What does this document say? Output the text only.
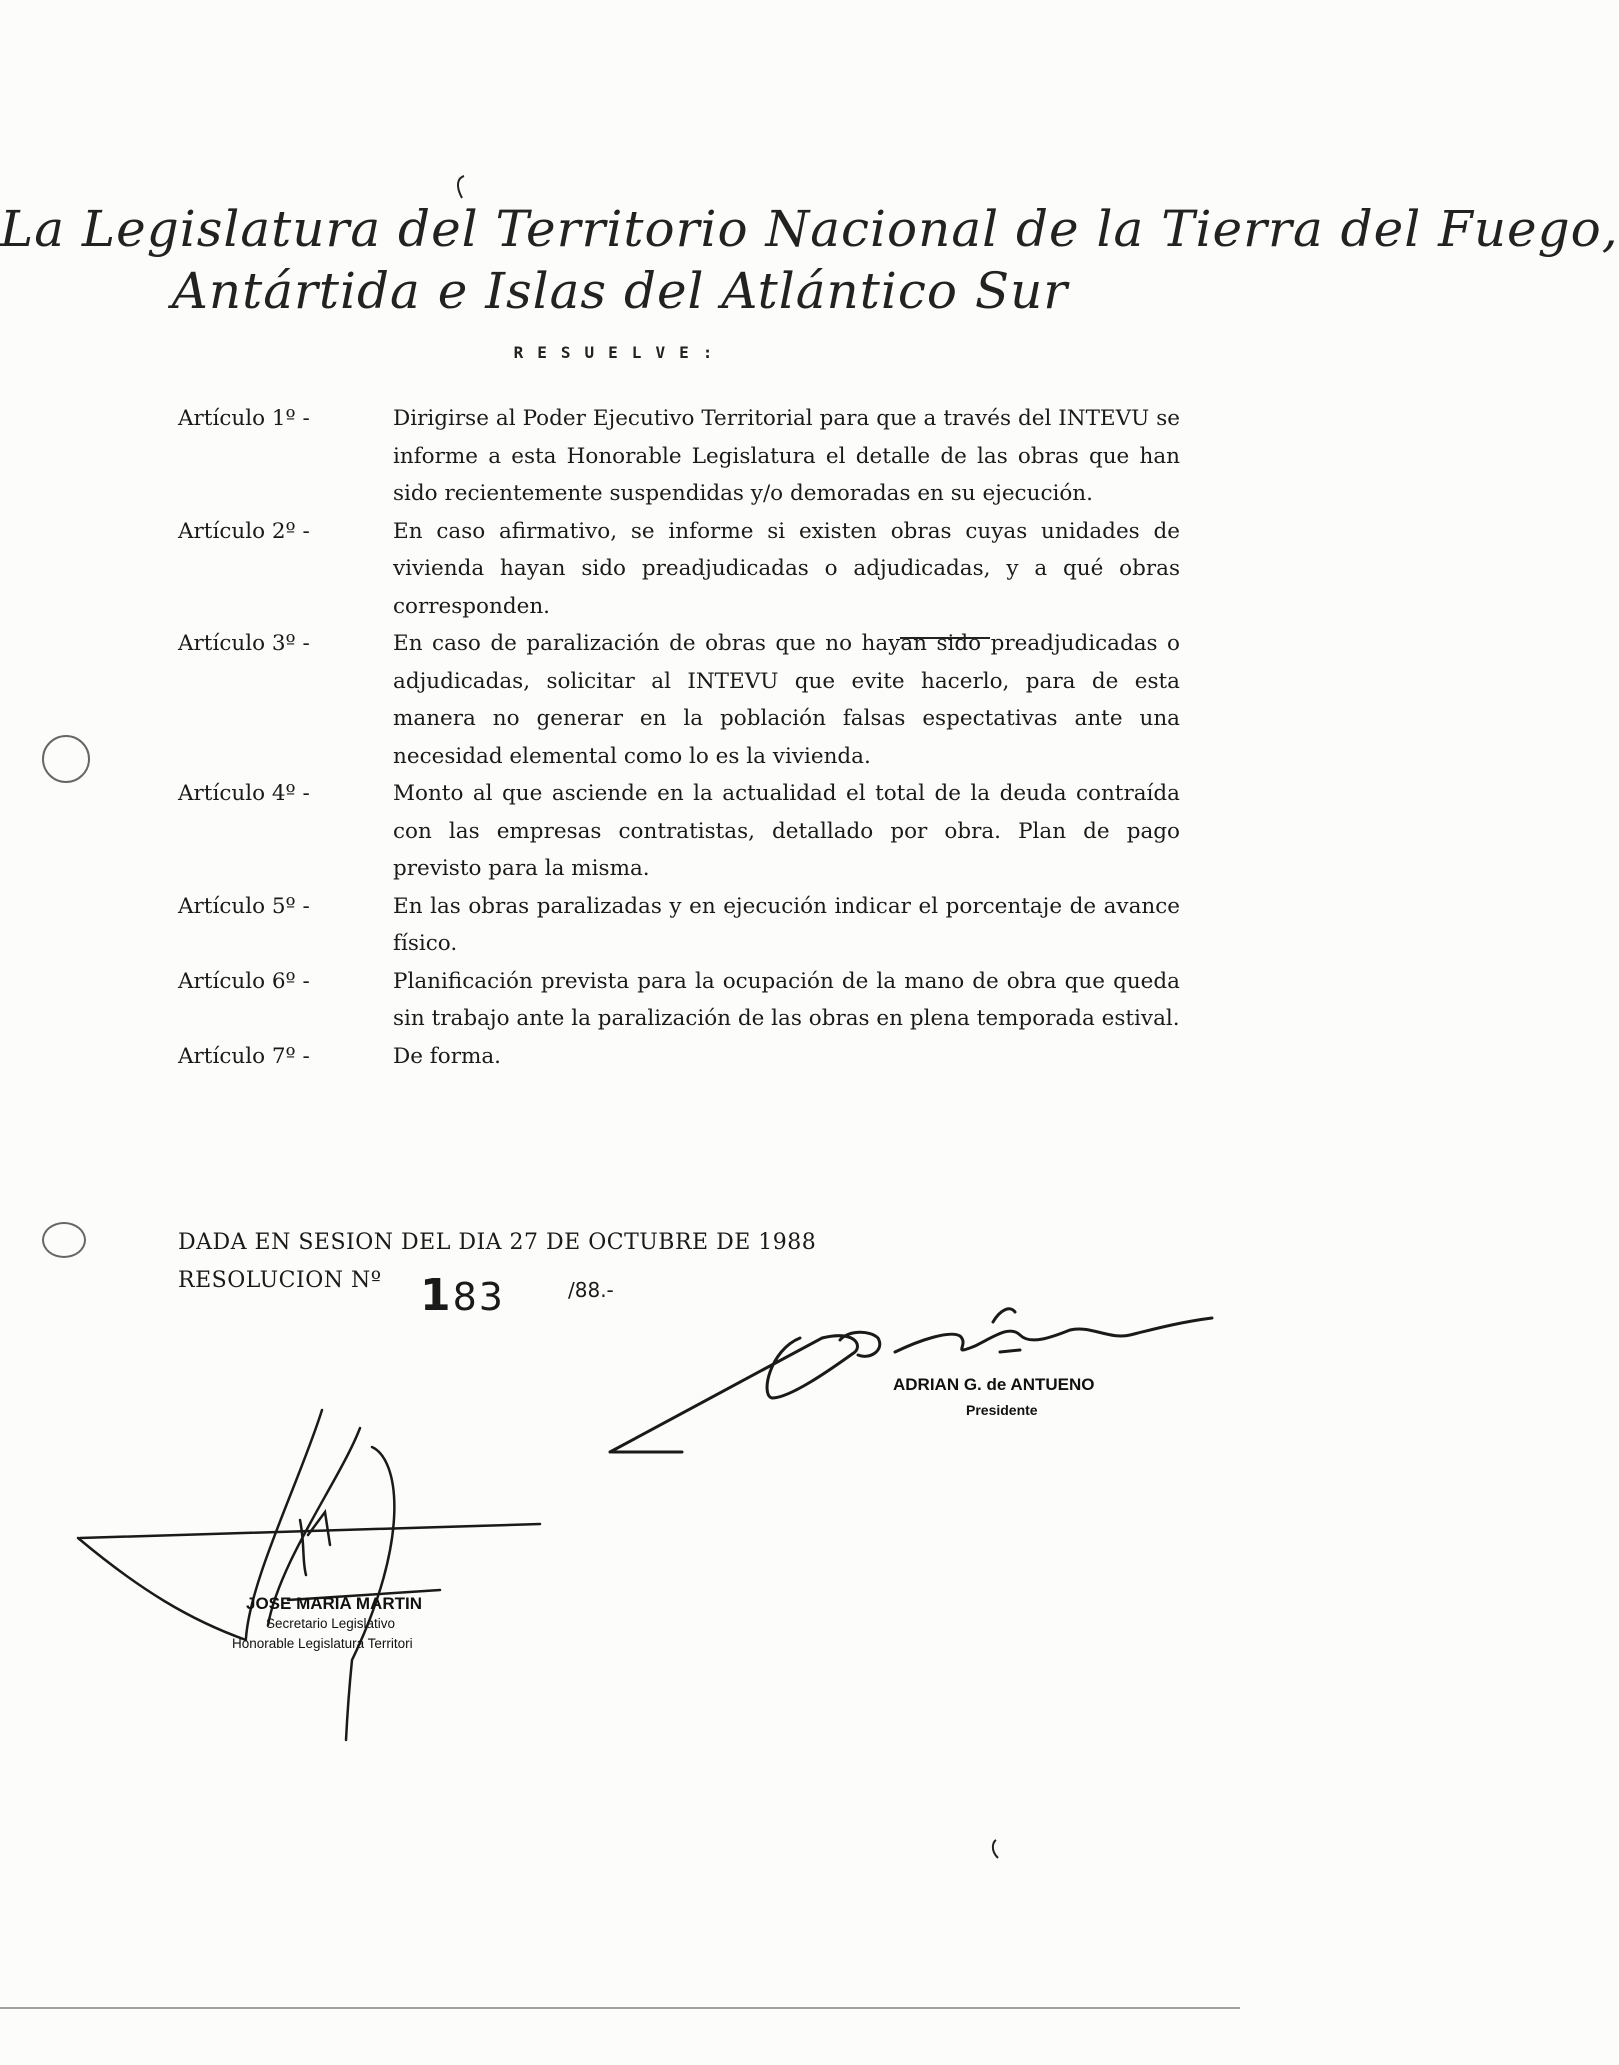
La Legislatura del Territorio Nacional de la Tierra del Fuego,
Antártida e Islas del Atlántico Sur
RESUELVE:
Artículo 1º -	Dirigirse al Poder Ejecutivo Territorial para que a través del INTEVU se informe a esta Honorable Legislatura el detalle de las obras que han sido recientemente suspendidas y/o demoradas en su ejecución.
Artículo 2º -	En caso afirmativo, se informe si existen obras cuyas unidades de vivienda hayan sido preadjudicadas o adjudicadas, y a qué obras corresponden.
Artículo 3º -	En caso de paralización de obras que no hayan sido preadjudicadas o adjudicadas, solicitar al INTEVU que evite hacerlo, para de esta manera no generar en la población falsas espectativas ante una necesidad elemental como lo es la vivienda.
Artículo 4º -	Monto al que asciende en la actualidad el total de la deuda contraída con las empresas contratistas, detallado por obra. Plan de pago previsto para la misma.
Artículo 5º -	En las obras paralizadas y en ejecución indicar el porcentaje de avance físico.
Artículo 6º -	Planificación prevista para la ocupación de la mano de obra que queda sin trabajo ante la paralización de las obras en plena temporada estival.
Artículo 7º -	De forma.
DADA EN SESION DEL DIA 27 DE OCTUBRE DE 1988
RESOLUCION Nº 183	/88.-
ADRIAN G. de ANTUENO
Presidente
JOSE MARIA MARTIN
Secretario Legislativo
Honorable Legislatura Territori
